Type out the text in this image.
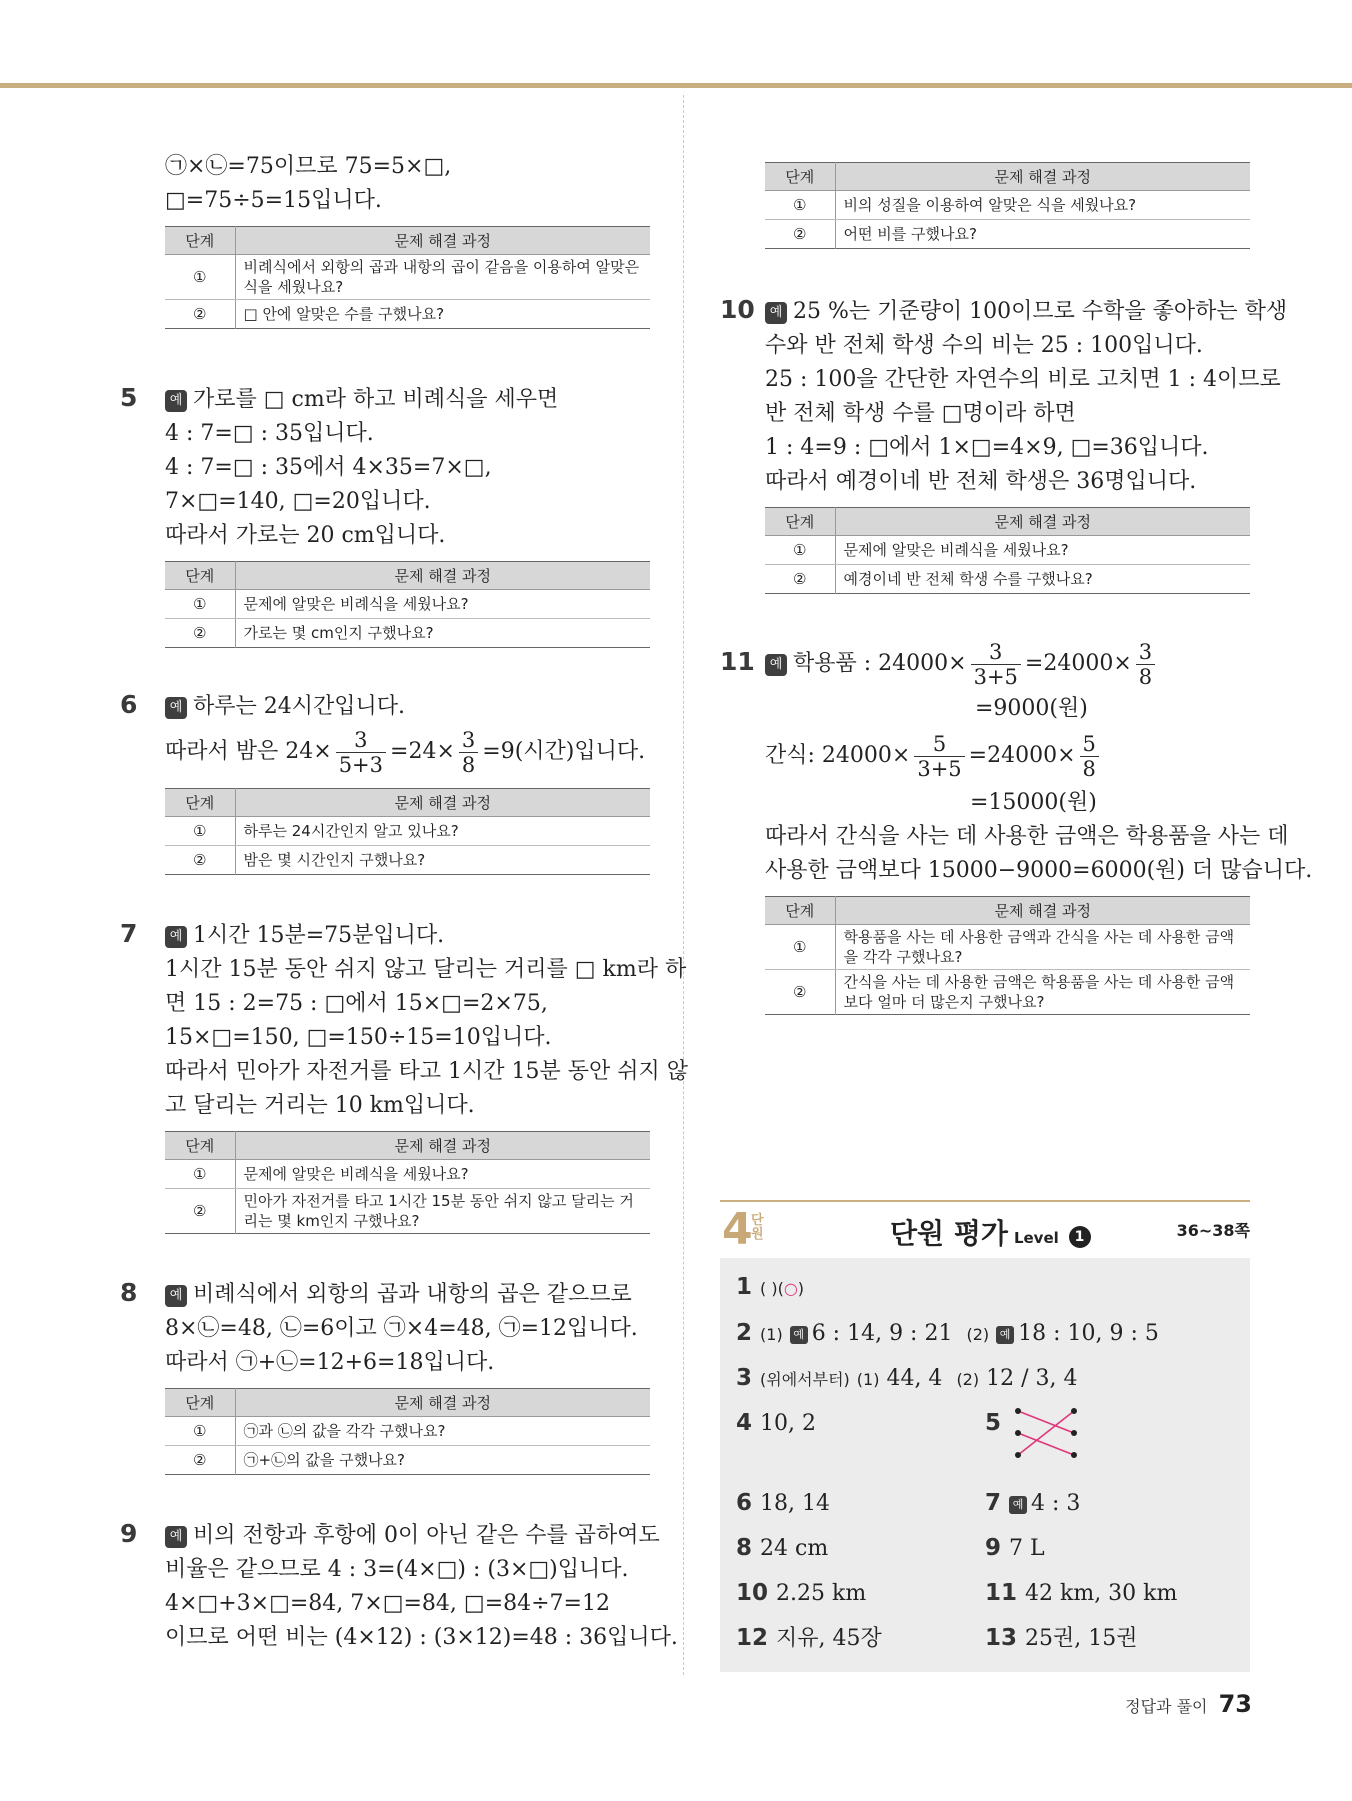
㉠×㉡=75이므로 75=5×□,
□=75÷5=15입니다.
단계	문제 해결 과정
①	비례식에서 외항의 곱과 내항의 곱이 같음을 이용하여 알맞은 식을 세웠나요?
②	□ 안에 알맞은 수를 구했나요?
5 예 가로를 □ cm라 하고 비례식을 세우면
4 : 7=□ : 35입니다.
4 : 7=□ : 35에서 4×35=7×□,
7×□=140, □=20입니다.
따라서 가로는 20 cm입니다.
단계	문제 해결 과정
①	문제에 알맞은 비례식을 세웠나요?
②	가로는 몇 cm인지 구했나요?
6 예 하루는 24시간입니다.
따라서 밤은 $24\times \frac{3}{5+3} =24\times \frac{3}{8} =9$(시간)입니다.
단계	문제 해결 과정
①	하루는 24시간인지 알고 있나요?
②	밤은 몇 시간인지 구했나요?
7 예 1시간 15분=75분입니다.
1시간 15분 동안 쉬지 않고 달리는 거리를 □ km라 하
면 15 : 2=75 : □에서 15×□=2×75,
15×□=150, □=150÷15=10입니다.
따라서 민아가 자전거를 타고 1시간 15분 동안 쉬지 않
고 달리는 거리는 10 km입니다.
단계	문제 해결 과정
①	문제에 알맞은 비례식을 세웠나요?
②	민아가 자전거를 타고 1시간 15분 동안 쉬지 않고 달리는 거리는 몇 km인지 구했나요?
8 예 비례식에서 외항의 곱과 내항의 곱은 같으므로
8×㉡=48, ㉡=6이고 ㉠×4=48, ㉠=12입니다.
따라서 ㉠+㉡=12+6=18입니다.
단계	문제 해결 과정
①	㉠과 ㉡의 값을 각각 구했나요?
②	㉠+㉡의 값을 구했나요?
9 예 비의 전항과 후항에 0이 아닌 같은 수를 곱하여도
비율은 같으므로 4 : 3=(4×□) : (3×□)입니다.
4×□+3×□=84, 7×□=84, □=84÷7=12
이므로 어떤 비는 (4×12) : (3×12)=48 : 36입니다.
단계	문제 해결 과정
①	비의 성질을 이용하여 알맞은 식을 세웠나요?
②	어떤 비를 구했나요?
10 예 25 %는 기준량이 100이므로 수학을 좋아하는 학생
수와 반 전체 학생 수의 비는 25 : 100입니다.
25 : 100을 간단한 자연수의 비로 고치면 1 : 4이므로
반 전체 학생 수를 □명이라 하면
1 : 4=9 : □에서 1×□=4×9, □=36입니다.
따라서 예경이네 반 전체 학생은 36명입니다.
단계	문제 해결 과정
①	문제에 알맞은 비례식을 세웠나요?
②	예경이네 반 전체 학생 수를 구했나요?
11 예 학용품 : $24000\times \frac{3}{3+5} =24000\times \frac{3}{8}$
=9000(원)
간식: $24000\times \frac{5}{3+5} =24000\times \frac{5}{8}$
=15000(원)
따라서 간식을 사는 데 사용한 금액은 학용품을 사는 데
사용한 금액보다 15000−9000=6000(원) 더 많습니다.
단계	문제 해결 과정
①	학용품을 사는 데 사용한 금액과 간식을 사는 데 사용한 금액을 각각 구했나요?
②	간식을 사는 데 사용한 금액은 학용품을 사는 데 사용한 금액보다 얼마 더 많은지 구했나요?
4
단원	단원 평가 Level 1	36~38쪽
1 ( )(○)
2 (1) 예 6 : 14, 9 : 21 (2) 예 18 : 10, 9 : 5
3 (위에서부터) (1) 44, 4 (2) 12 / 3, 4
4 10, 2	5
6 18, 14	7 예 4 : 3
8 24 cm	9 7 L
10 2.25 km	11 42 km, 30 km
12 지유, 45장	13 25권, 15권
정답과 풀이 73
